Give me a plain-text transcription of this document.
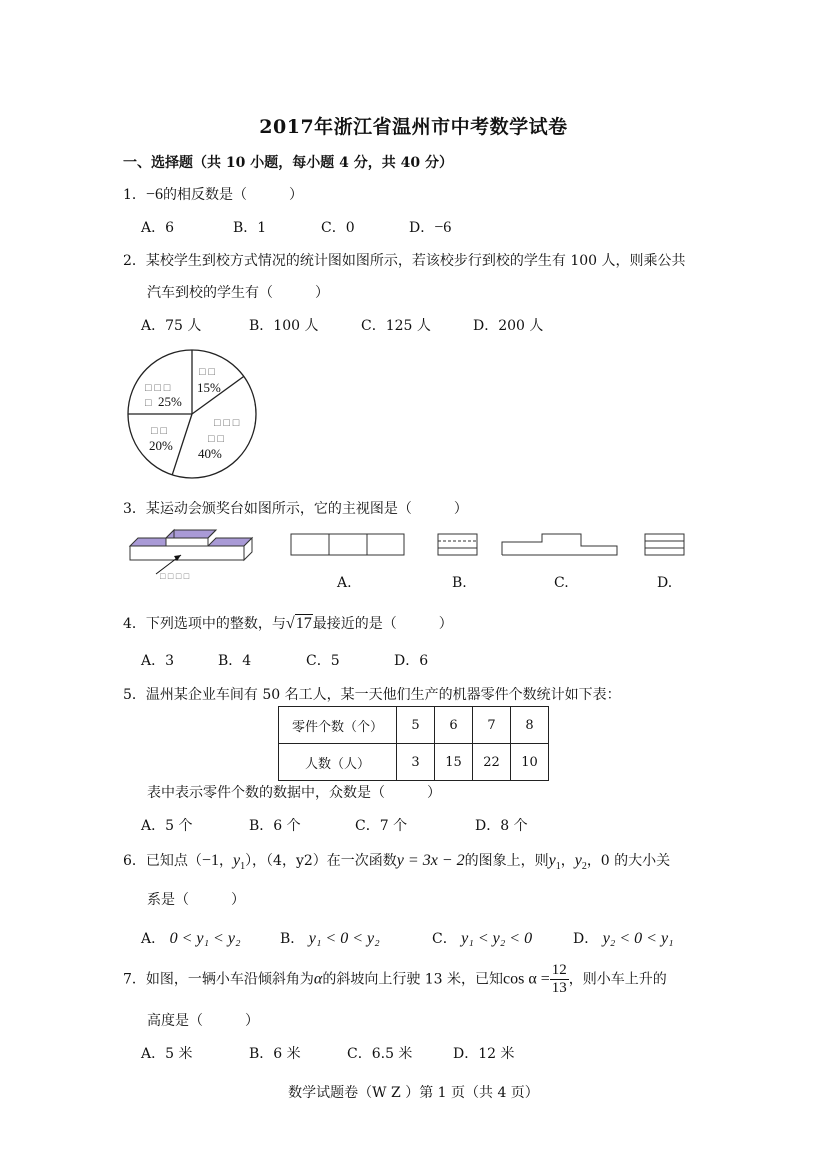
2017年浙江省温州市中考数学试卷
一、选择题（共 10 小题，每小题 4 分，共 40 分）
1．−6的相反数是（　　　）
A．6	B．1	C．0	D．−6
2．某校学生到校方式情况的统计图如图所示，若该校步行到校的学生有 100 人，则乘公共
汽车到校的学生有（　　　）
A．75 人	B．100 人	C．125 人	D．200 人
□ □ □
□ 25%
□ □
15%
□ □ □
□ □
40%
□ □
20%
3．某运动会颁奖台如图所示，它的主视图是（　　　）
□ □ □ □	A.	B.	C.	D.
4．下列选项中的整数，与√17最接近的是（　　　）
A．3	B．4	C．5	D．6
5．温州某企业车间有 50 名工人，某一天他们生产的机器零件个数统计如下表：
零件个数（个）	5	6	7	8
人数（人）	3	15	22	10
表中表示零件个数的数据中，众数是（　　　）
A．5 个	B．6 个	C．7 个	D．8 个
6．已知点（−1，$y_1$），（4，y2）在一次函数y = 3x − 2的图象上，则$y_1$，$y_2$，0 的大小关
系是（　　　）
A． 0 < y₁ < y₂	B． y₁ < 0 < y₂	C． y₁ < y₂ < 0	D． y₂ < 0 < y₁
7．如图，一辆小车沿倾斜角为α的斜坡向上行驶 13 米，已知$\cos \alpha = \frac{12}{13}$ ，则小车上升的
高度是（　　　）
A．5 米	B．6 米	C．6.5 米	D．12 米
数学试题卷（W Z ）第 1 页（共 4 页）
